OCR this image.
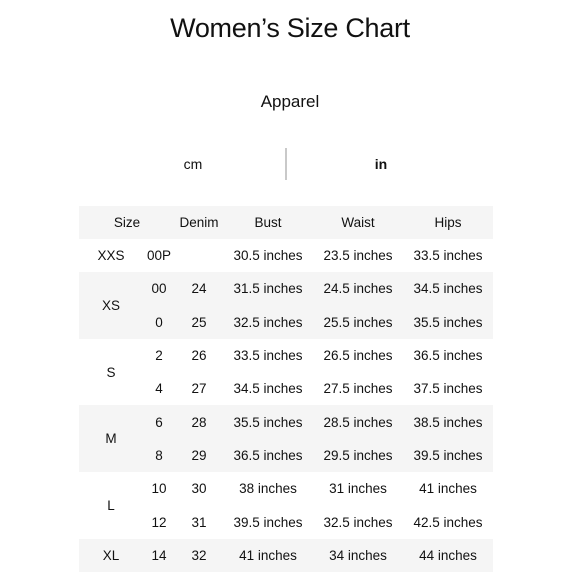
Women’s Size Chart
Apparel
cm	in
Size		Denim	Bust	Waist	Hips
XXS	00P		30.5 inches	23.5 inches	33.5 inches
XS	00	24	31.5 inches	24.5 inches	34.5 inches
	0	25	32.5 inches	25.5 inches	35.5 inches
S	2	26	33.5 inches	26.5 inches	36.5 inches
	4	27	34.5 inches	27.5 inches	37.5 inches
M	6	28	35.5 inches	28.5 inches	38.5 inches
	8	29	36.5 inches	29.5 inches	39.5 inches
L	10	30	38 inches	31 inches	41 inches
	12	31	39.5 inches	32.5 inches	42.5 inches
XL	14	32	41 inches	34 inches	44 inches
